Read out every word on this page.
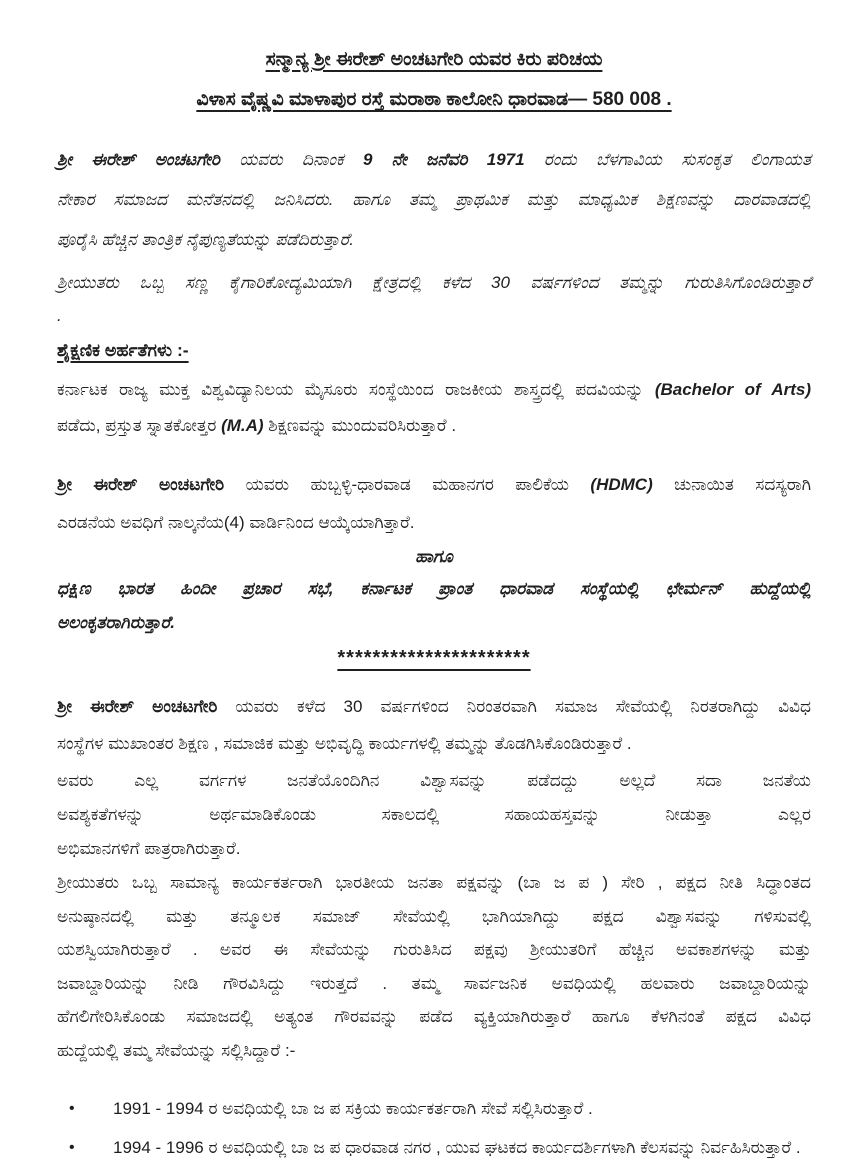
ಸನ್ಮಾನ್ಯ ಶ್ರೀ ಈರೇಶ್ ಅಂಚಟಗೇರಿ ಯವರ ಕಿರು ಪರಿಚಯ
ವಿಳಾಸ ವೈಷ್ಣವಿ ಮಾಳಾಪುರ ರಸ್ತೆ ಮರಾಠಾ ಕಾಲೋನಿ ಧಾರವಾಡ— 580 008 .
ಶ್ರೀ ಈರೇಶ್ ಅಂಚಟಗೇರಿ ಯವರು ದಿನಾಂಕ 9 ನೇ ಜನೆವರಿ 1971 ರಂದು ಬೆಳಗಾವಿಯ ಸುಸಂಕೃತ ಲಿಂಗಾಯತ
ನೇಕಾರ ಸಮಾಜದ ಮನೆತನದಲ್ಲಿ ಜನಿಸಿದರು. ಹಾಗೂ ತಮ್ಮ ಪ್ರಾಥಮಿಕ ಮತ್ತು ಮಾಧ್ಯಮಿಕ ಶಿಕ್ಷಣವನ್ನು ದಾರವಾಡದಲ್ಲಿ
ಪೂರೈಸಿ ಹೆಚ್ಚಿನ ತಾಂತ್ರಿಕ ನೈಪುಣ್ಯತೆಯನ್ನು ಪಡೆದಿರುತ್ತಾರೆ.
ಶ್ರೀಯುತರು ಒಬ್ಬ ಸಣ್ಣ ಕೈಗಾರಿಕೋದ್ಯಮಿಯಾಗಿ ಕ್ಷೇತ್ರದಲ್ಲಿ ಕಳೆದ 30 ವರ್ಷಗಳಿಂದ ತಮ್ಮನ್ನು ಗುರುತಿಸಿಗೊಂಡಿರುತ್ತಾರೆ
.
ಶೈಕ್ಷಣಿಕ ಅರ್ಹತೆಗಳು :-
ಕರ್ನಾಟಕ ರಾಜ್ಯ ಮುಕ್ತ ವಿಶ್ವವಿದ್ಯಾನಿಲಯ ಮೈಸೂರು ಸಂಸ್ಥೆಯಿಂದ ರಾಜಕೀಯ ಶಾಸ್ತ್ರದಲ್ಲಿ ಪದವಿಯನ್ನು (Bachelor of Arts)
ಪಡೆದು, ಪ್ರಸ್ತುತ ಸ್ನಾತಕೋತ್ತರ (M.A) ಶಿಕ್ಷಣವನ್ನು ಮುಂದುವರಿಸಿರುತ್ತಾರೆ .
ಶ್ರೀ ಈರೇಶ್ ಅಂಚಟಗೇರಿ ಯವರು ಹುಬ್ಬಳ್ಳಿ-ಧಾರವಾಡ ಮಹಾನಗರ ಪಾಲಿಕೆಯ (HDMC) ಚುನಾಯಿತ ಸದಸ್ಯರಾಗಿ
ಎರಡನೆಯ ಅವಧಿಗೆ ನಾಲ್ಕನೆಯ(4) ವಾರ್ಡಿನಿಂದ ಆಯ್ಕೆಯಾಗಿತ್ತಾರೆ.
ಹಾಗೂ
ಧಕ್ಷಿಣ ಭಾರತ ಹಿಂದೀ ಪ್ರಚಾರ ಸಭೆ, ಕರ್ನಾಟಕ ಪ್ರಾಂತ ಧಾರವಾಡ ಸಂಸ್ಥೆಯಲ್ಲಿ ಛೇರ್ಮನ್ ಹುದ್ದೆಯಲ್ಲಿ
ಅಲಂಕೃತರಾಗಿರುತ್ತಾರೆ.
**********************
ಶ್ರೀ ಈರೇಶ್ ಅಂಚಟಗೇರಿ ಯವರು ಕಳೆದ 30 ವರ್ಷಗಳಿಂದ ನಿರಂತರವಾಗಿ ಸಮಾಜ ಸೇವೆಯಲ್ಲಿ ನಿರತರಾಗಿದ್ದು ವಿವಿಧ
ಸಂಸ್ಥೆಗಳ ಮುಖಾಂತರ ಶಿಕ್ಷಣ , ಸಮಾಜಿಕ ಮತ್ತು ಅಭಿವೃದ್ಧಿ ಕಾರ್ಯಗಳಲ್ಲಿ ತಮ್ಮನ್ನು ತೊಡಗಿಸಿಕೊಂಡಿರುತ್ತಾರೆ .
ಅವರು ಎಲ್ಲ ವರ್ಗಗಳ ಜನತೆಯೊಂದಿಗಿನ ವಿಶ್ವಾಸವನ್ನು ಪಡೆದದ್ದು ಅಲ್ಲದೆ ಸದಾ ಜನತೆಯ
ಅವಶ್ಯಕತೆಗಳನ್ನು ಅರ್ಥಮಾಡಿಕೊಂಡು ಸಕಾಲದಲ್ಲಿ ಸಹಾಯಹಸ್ತವನ್ನು ನೀಡುತ್ತಾ ಎಲ್ಲರ
ಅಭಿಮಾನಗಳಿಗೆ ಪಾತ್ರರಾಗಿರುತ್ತಾರೆ.
ಶ್ರೀಯುತರು ಒಬ್ಬ ಸಾಮಾನ್ಯ ಕಾರ್ಯಕರ್ತರಾಗಿ ಭಾರತೀಯ ಜನತಾ ಪಕ್ಷವನ್ನು (ಬಾ ಜ ಪ ) ಸೇರಿ , ಪಕ್ಷದ ನೀತಿ ಸಿದ್ಧಾಂತದ
ಅನುಷ್ಠಾನದಲ್ಲಿ ಮತ್ತು ತನ್ಮೂಲಕ ಸಮಾಜ್ ಸೇವೆಯಲ್ಲಿ ಭಾಗಿಯಾಗಿದ್ದು ಪಕ್ಷದ ವಿಶ್ವಾಸವನ್ನು ಗಳಿಸುವಲ್ಲಿ
ಯಶಸ್ವಿಯಾಗಿರುತ್ತಾರೆ . ಅವರ ಈ ಸೇವೆಯನ್ನು ಗುರುತಿಸಿದ ಪಕ್ಷವು ಶ್ರೀಯುತರಿಗೆ ಹೆಚ್ಚಿನ ಅವಕಾಶಗಳನ್ನು ಮತ್ತು
ಜವಾಬ್ದಾರಿಯನ್ನು ನೀಡಿ ಗೌರವಿಸಿದ್ದು ಇರುತ್ತದೆ . ತಮ್ಮ ಸಾರ್ವಜನಿಕ ಅವಧಿಯಲ್ಲಿ ಹಲವಾರು ಜವಾಬ್ದಾರಿಯನ್ನು
ಹೆಗಲಿಗೇರಿಸಿಕೊಂಡು ಸಮಾಜದಲ್ಲಿ ಅತ್ಯಂತ ಗೌರವವನ್ನು ಪಡೆದ ವ್ಯಕ್ತಿಯಾಗಿರುತ್ತಾರೆ ಹಾಗೂ ಕೆಳಗಿನಂತೆ ಪಕ್ಷದ ವಿವಿಧ
ಹುದ್ದೆಯಲ್ಲಿ ತಮ್ಮ ಸೇವೆಯನ್ನು ಸಲ್ಲಿಸಿದ್ದಾರೆ :-
•	1991 - 1994 ರ ಅವಧಿಯಲ್ಲಿ ಬಾ ಜ ಪ ಸಕ್ರಿಯ ಕಾರ್ಯಕರ್ತರಾಗಿ ಸೇವೆ ಸಲ್ಲಿಸಿರುತ್ತಾರೆ .
•	1994 - 1996 ರ ಅವಧಿಯಲ್ಲಿ ಬಾ ಜ ಪ ಧಾರವಾಡ ನಗರ , ಯುವ ಘಟಕದ ಕಾರ್ಯದರ್ಶಿಗಳಾಗಿ ಕೆಲಸವನ್ನು ನಿರ್ವಹಿಸಿರುತ್ತಾರೆ .
